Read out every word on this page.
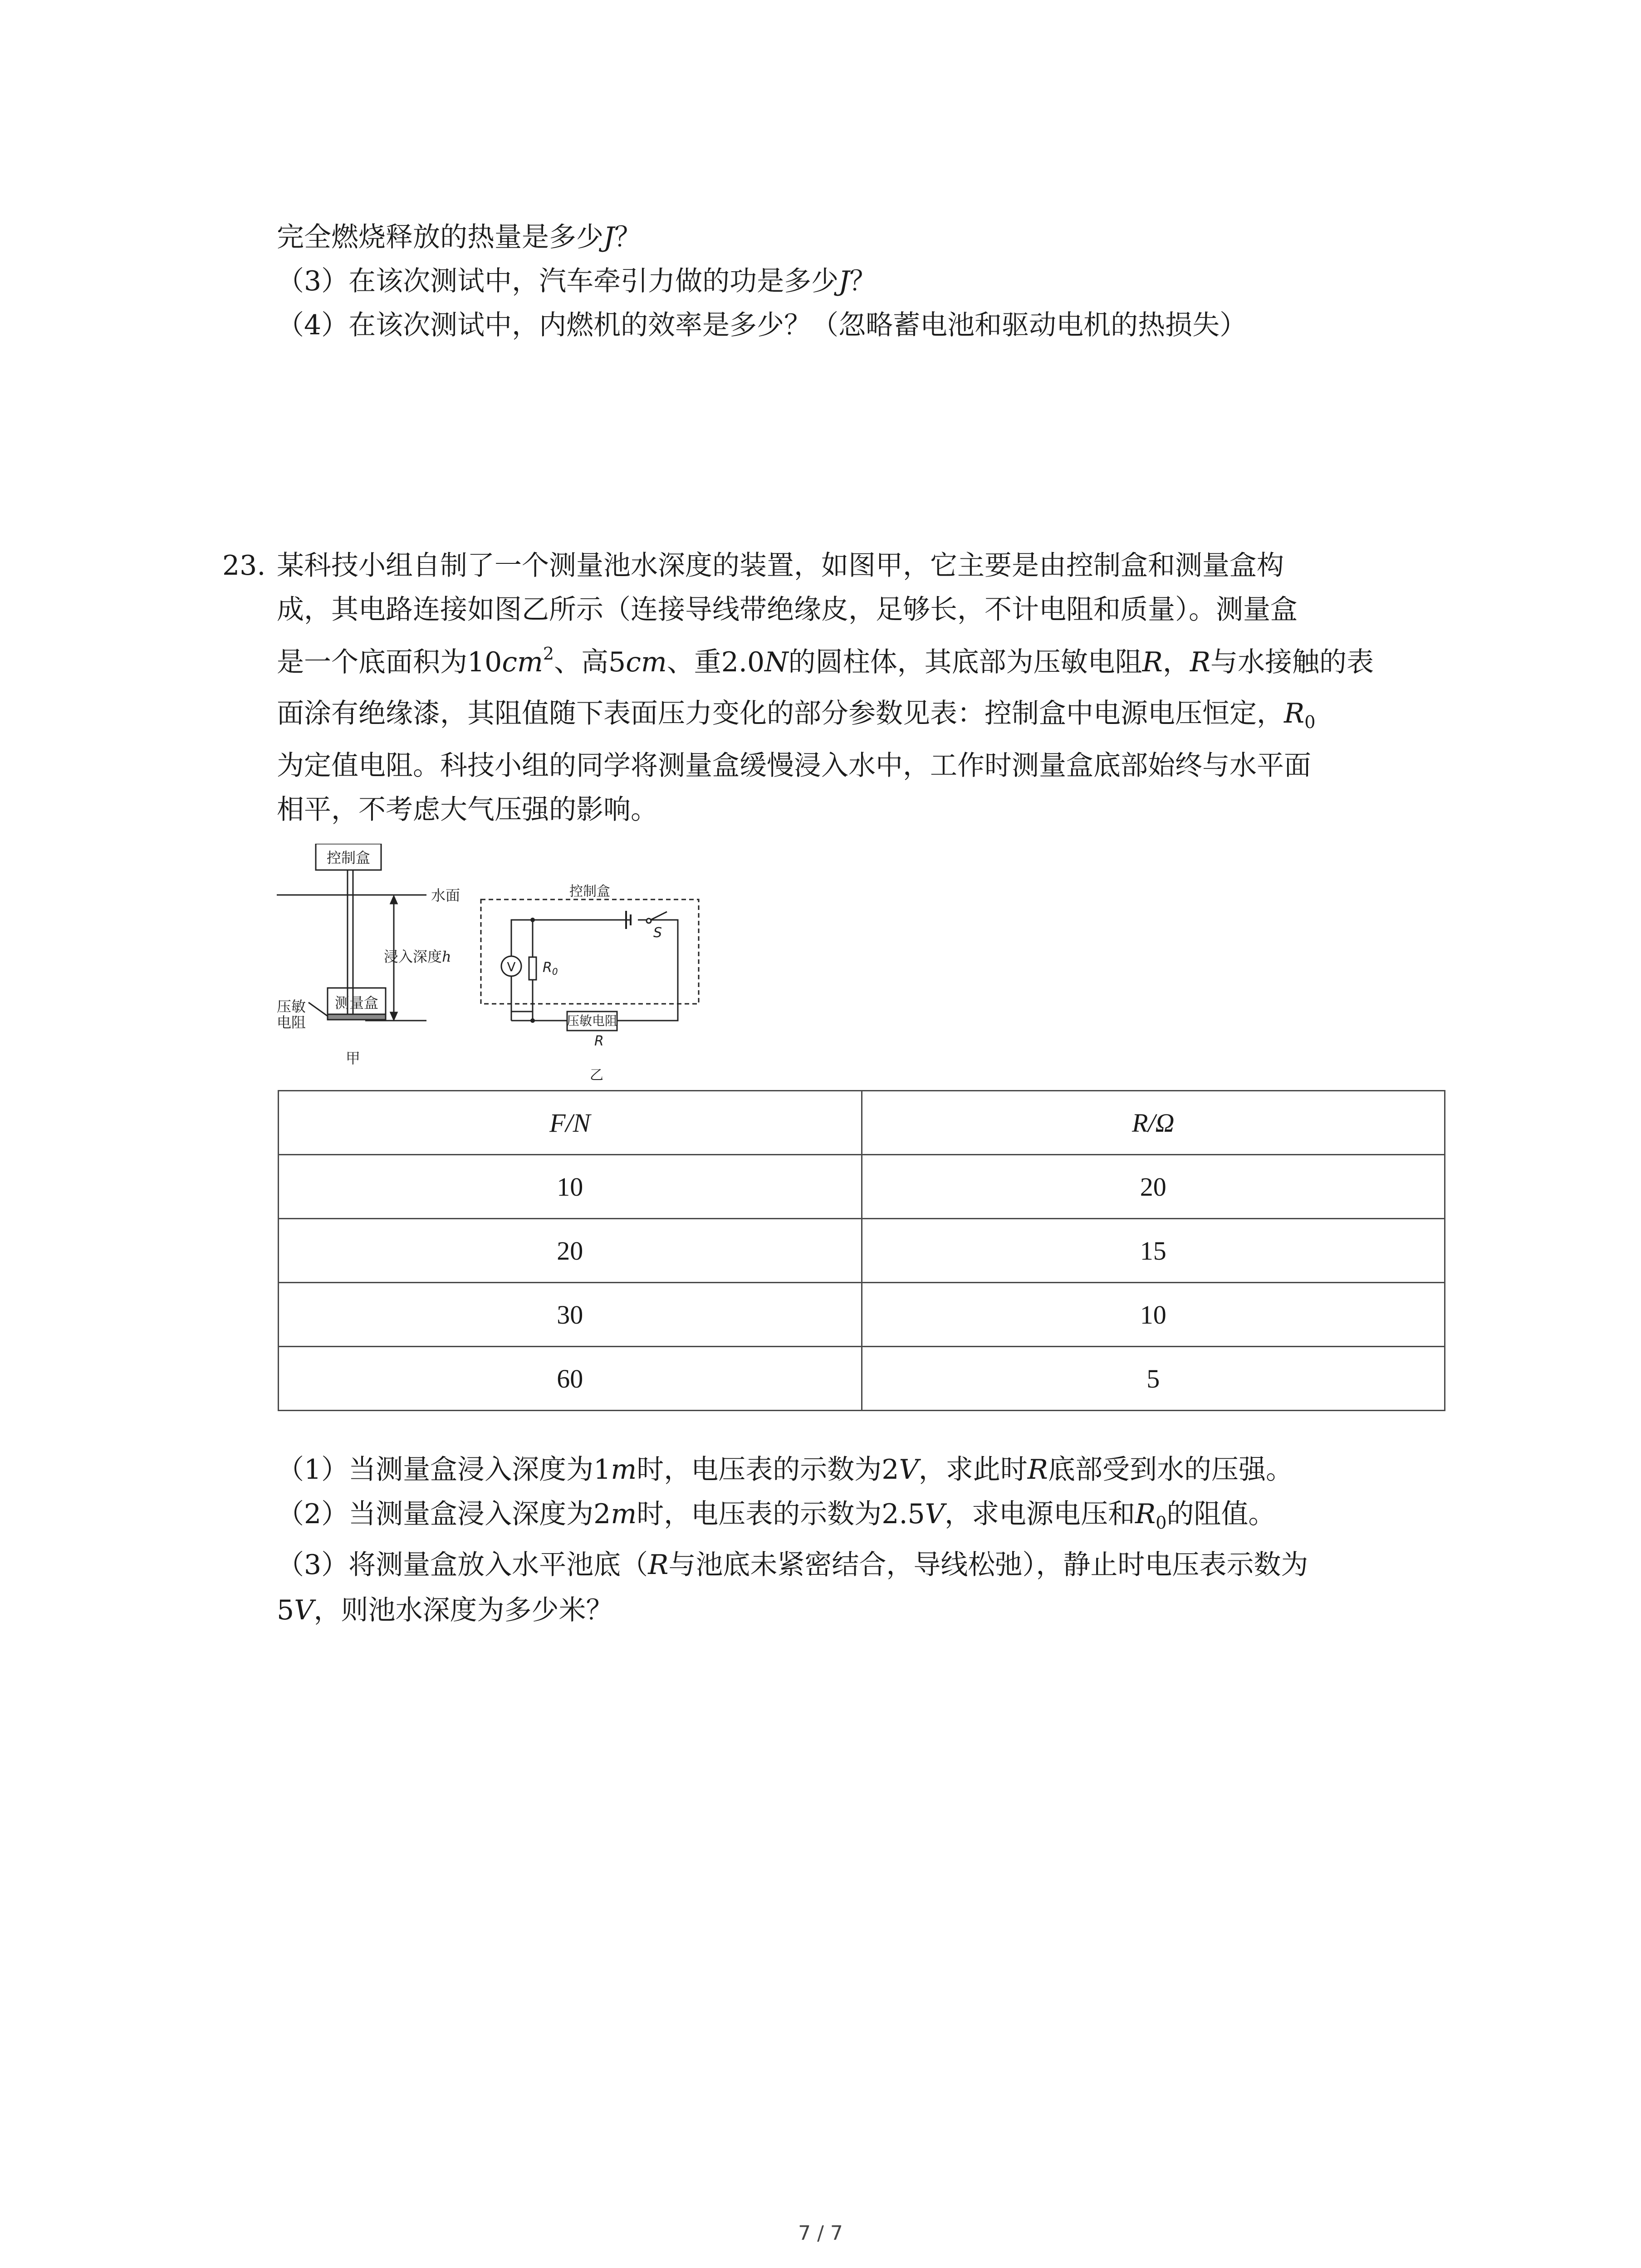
完全燃烧释放的热量是多少J？
（3）在该次测试中，汽车牵引力做的功是多少J？
（4）在该次测试中，内燃机的效率是多少？（忽略蓄电池和驱动电机的热损失）
23. 某科技小组自制了一个测量池水深度的装置，如图甲，它主要是由控制盒和测量盒构
成，其电路连接如图乙所示（连接导线带绝缘皮，足够长，不计电阻和质量）。测量盒
是一个底面积为$10cm^2$、高5cm、重2.0N的圆柱体，其底部为压敏电阻R，R与水接触的表
面涂有绝缘漆，其阻值随下表面压力变化的部分参数见表：控制盒中电源电压恒定，$R_0$
为定值电阻。科技小组的同学将测量盒缓慢浸入水中，工作时测量盒底部始终与水平面
相平，不考虑大气压强的影响。
控制盒
水面
浸入深度h
测量盒
压敏
电阻
甲
控制盒
S
V $R_0$
压敏电阻
R
乙
F/N	R/Ω
10	20
20	15
30	10
60	5
（1）当测量盒浸入深度为1m时，电压表的示数为2V，求此时R底部受到水的压强。
（2）当测量盒浸入深度为2m时，电压表的示数为2.5V，求电源电压和$R_0$的阻值。
（3）将测量盒放入水平池底（R与池底未紧密结合，导线松弛），静止时电压表示数为
5V，则池水深度为多少米？
7 / 7
